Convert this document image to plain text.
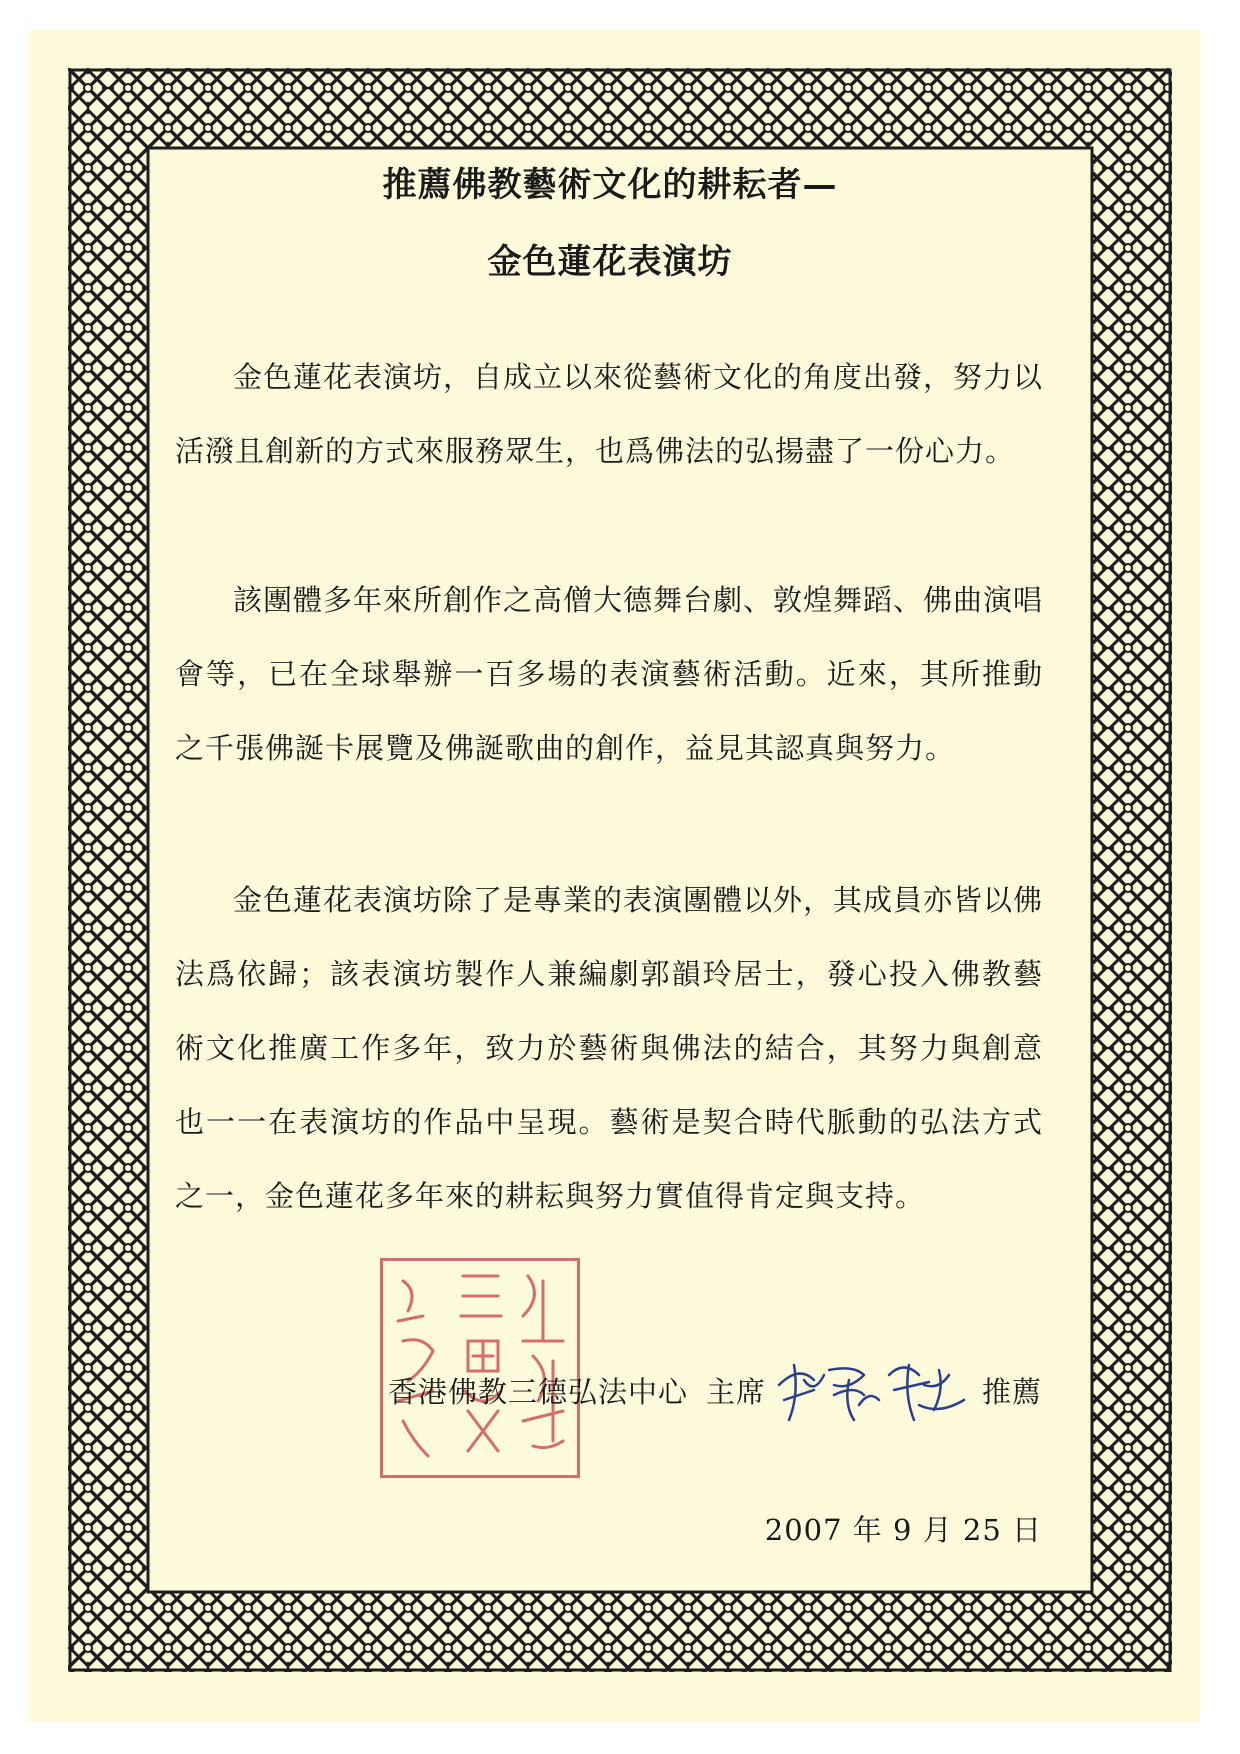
推薦佛教藝術文化的耕耘者—
金色蓮花表演坊

金色蓮花表演坊，自成立以來從藝術文化的角度出發，努力以活潑且創新的方式來服務眾生，也爲佛法的弘揚盡了一份心力。

該團體多年來所創作之高僧大德舞台劇、敦煌舞蹈、佛曲演唱會等，已在全球舉辦一百多場的表演藝術活動。近來，其所推動之千張佛誕卡展覽及佛誕歌曲的創作，益見其認真與努力。

金色蓮花表演坊除了是專業的表演團體以外，其成員亦皆以佛法爲依歸；該表演坊製作人兼編劇郭韻玲居士，發心投入佛教藝術文化推廣工作多年，致力於藝術與佛法的結合，其努力與創意也一一在表演坊的作品中呈現。藝術是契合時代脈動的弘法方式之一，金色蓮花多年來的耕耘與努力實值得肯定與支持。

香港佛教三德弘法中心 主席	推薦
2007 年 9 月 25 日
